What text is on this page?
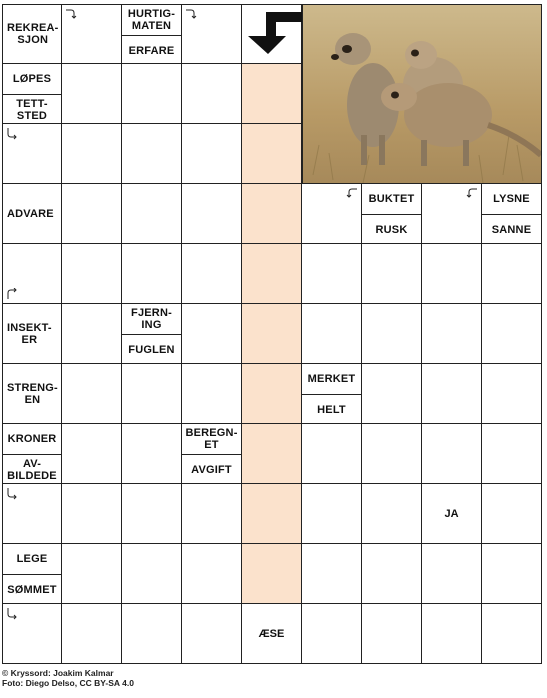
REKREA-
SJON
HURTIG-
MATEN
ERFARE
LØPES
TETT-
STED
ADVARE
BUKTET
RUSK
LYSNE
SANNE
INSEKT-
ER
FJERN-
ING
FUGLEN
STRENG-
EN
MERKET
HELT
KRONER
AV-
BILDEDE
BEREGN-
ET
AVGIFT
JA
LEGE
SØMMET
ÆSE
© Kryssord: Joakim Kalmar
Foto: Diego Delso, CC BY-SA 4.0
